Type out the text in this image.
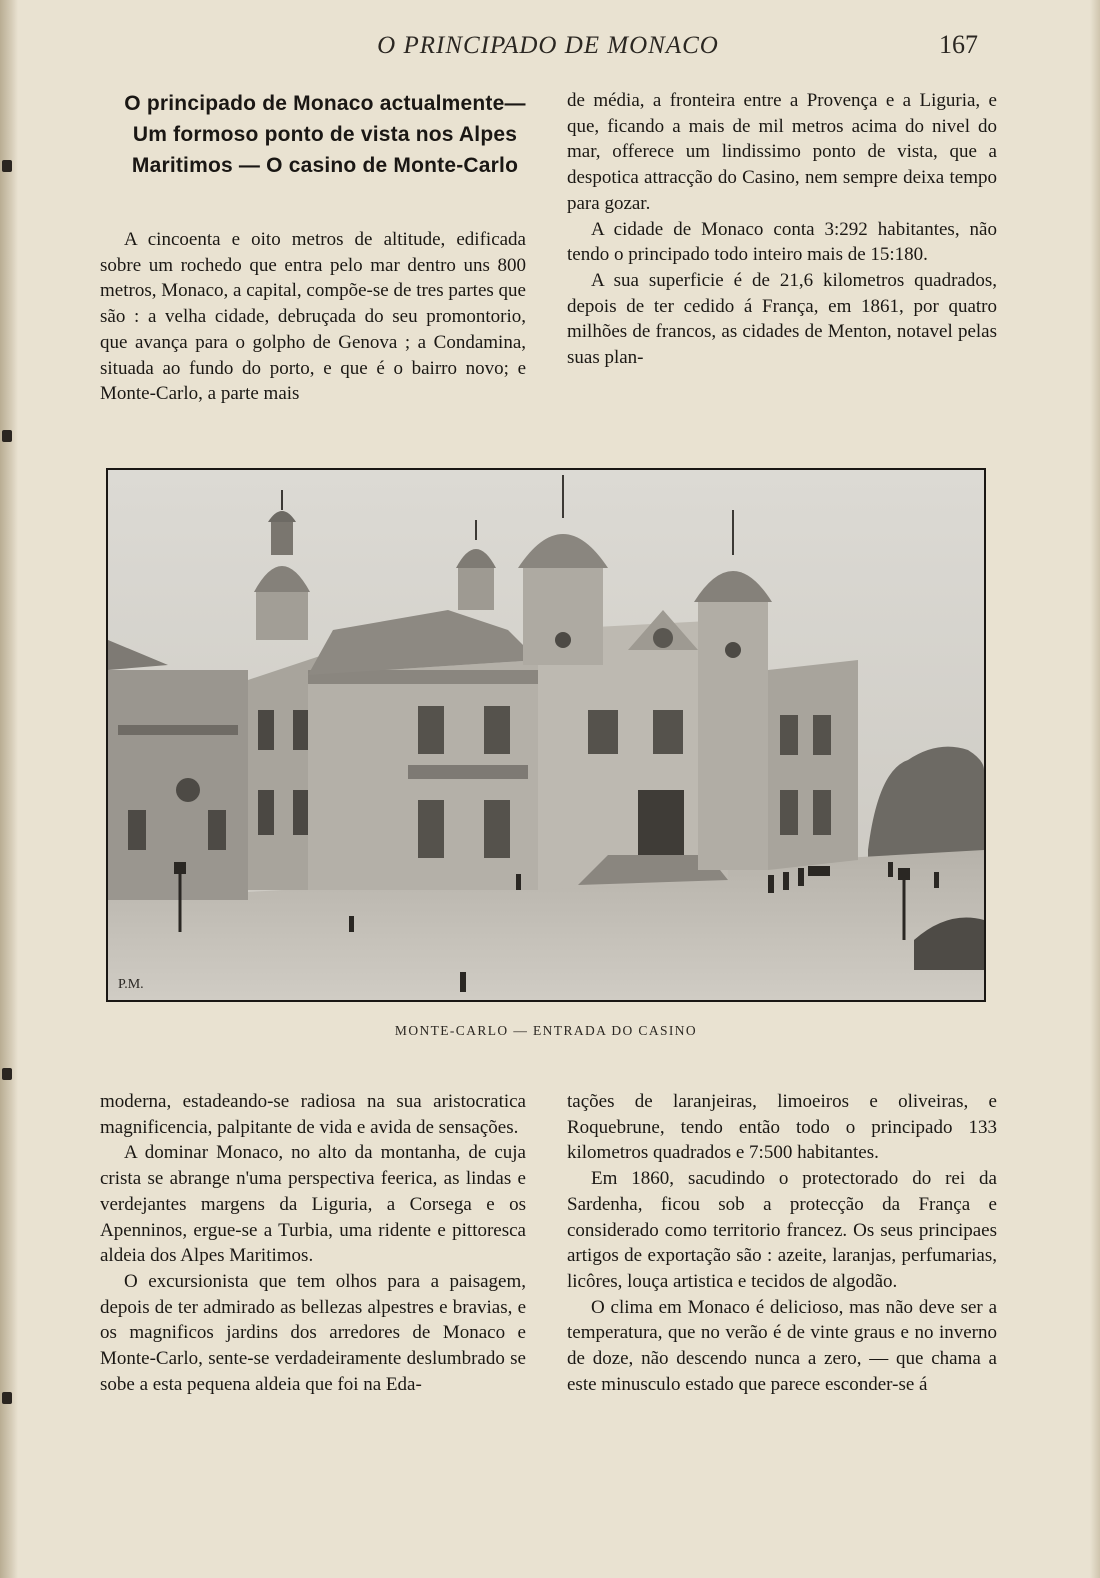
O PRINCIPADO DE MONACO	167

O principado de Monaco actualmente—

Um formoso ponto de vista nos Alpes

Maritimos — O casino de Monte-Carlo

A cincoenta e oito metros de altitude, edificada sobre um rochedo que entra pelo mar dentro uns 800 metros, Monaco, a capital, compõe-se de tres partes que são : a velha cidade, debruçada do seu promontorio, que avança para o golpho de Genova ; a Condamina, situada ao fundo do porto, e que é o bairro novo; e Monte-Carlo, a parte mais

de média, a fronteira entre a Provença e a Liguria, e que, ficando a mais de mil metros acima do nivel do mar, offerece um lindissimo ponto de vista, que a despotica attracção do Casino, nem sempre deixa tempo para gozar.

A cidade de Monaco conta 3:292 habitantes, não tendo o principado todo inteiro mais de 15:180.

A sua superficie é de 21,6 kilometros quadrados, depois de ter cedido á França, em 1861, por quatro milhões de francos, as cidades de Menton, notavel pelas suas plan-

P.M.
MONTE-CARLO — ENTRADA DO CASINO

moderna, estadeando-se radiosa na sua aristocratica magnificencia, palpitante de vida e avida de sensações.

A dominar Monaco, no alto da montanha, de cuja crista se abrange n'uma perspectiva feerica, as lindas e verdejantes margens da Liguria, a Corsega e os Apenninos, ergue-se a Turbia, uma ridente e pittoresca aldeia dos Alpes Maritimos.

O excursionista que tem olhos para a paisagem, depois de ter admirado as bellezas alpestres e bravias, e os magnificos jardins dos arredores de Monaco e Monte-Carlo, sente-se verdadeiramente deslumbrado se sobe a esta pequena aldeia que foi na Eda-

tações de laranjeiras, limoeiros e oliveiras, e Roquebrune, tendo então todo o principado 133 kilometros quadrados e 7:500 habitantes.

Em 1860, sacudindo o protectorado do rei da Sardenha, ficou sob a protecção da França e considerado como territorio francez. Os seus principaes artigos de exportação são : azeite, laranjas, perfumarias, licôres, louça artistica e tecidos de algodão.

O clima em Monaco é delicioso, mas não deve ser a temperatura, que no verão é de vinte graus e no inverno de doze, não descendo nunca a zero, — que chama a este minusculo estado que parece esconder-se á
